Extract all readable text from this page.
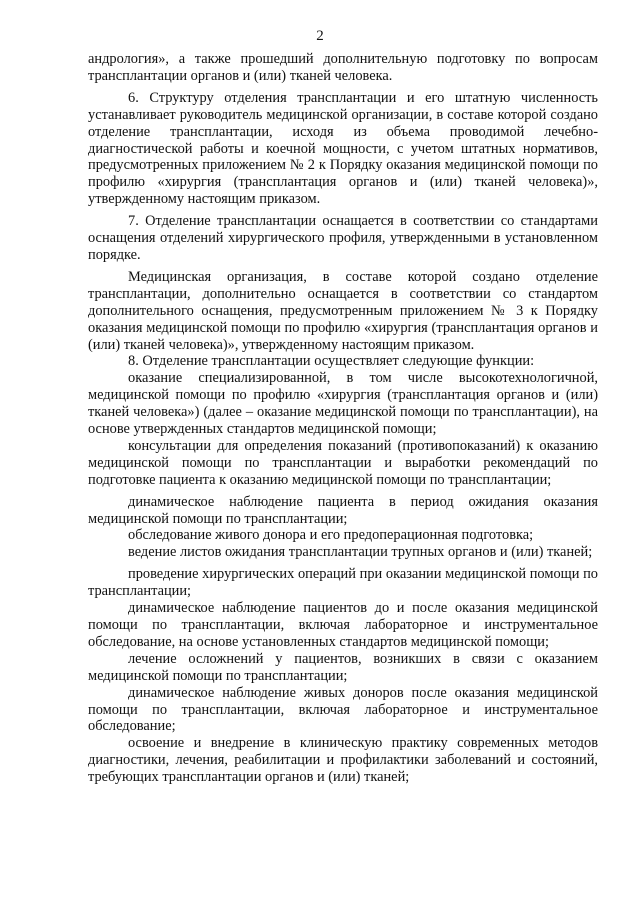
2

андрология», а также прошедший дополнительную подготовку по вопросам трансплантации органов и (или) тканей человека.

6. Структуру отделения трансплантации и его штатную численность устанавливает руководитель медицинской организации, в составе которой создано отделение трансплантации, исходя из объема проводимой лечебно-диагностической работы и коечной мощности, с учетом штатных нормативов, предусмотренных приложением № 2 к Порядку оказания медицинской помощи по профилю «хирургия (трансплантация органов и (или) тканей человека)», утвержденному настоящим приказом.

7. Отделение трансплантации оснащается в соответствии со стандартами оснащения отделений хирургического профиля, утвержденными в установленном порядке.

Медицинская организация, в составе которой создано отделение трансплантации, дополнительно оснащается в соответствии со стандартом дополнительного оснащения, предусмотренным приложением № 3 к Порядку оказания медицинской помощи по профилю «хирургия (трансплантация органов и (или) тканей человека)», утвержденному настоящим приказом.

8. Отделение трансплантации осуществляет следующие функции:

оказание специализированной, в том числе высокотехнологичной, медицинской помощи по профилю «хирургия (трансплантация органов и (или) тканей человека») (далее – оказание медицинской помощи по трансплантации), на основе утвержденных стандартов медицинской помощи;

консультации для определения показаний (противопоказаний) к оказанию медицинской помощи по трансплантации и выработки рекомендаций по подготовке пациента к оказанию медицинской помощи по трансплантации;

динамическое наблюдение пациента в период ожидания оказания медицинской помощи по трансплантации;

обследование живого донора и его предоперационная подготовка;

ведение листов ожидания трансплантации трупных органов и (или) тканей;

проведение хирургических операций при оказании медицинской помощи по трансплантации;

динамическое наблюдение пациентов до и после оказания медицинской помощи по трансплантации, включая лабораторное и инструментальное обследование, на основе установленных стандартов медицинской помощи;

лечение осложнений у пациентов, возникших в связи с оказанием медицинской помощи по трансплантации;

динамическое наблюдение живых доноров после оказания медицинской помощи по трансплантации, включая лабораторное и инструментальное обследование;

освоение и внедрение в клиническую практику современных методов диагностики, лечения, реабилитации и профилактики заболеваний и состояний, требующих трансплантации органов и (или) тканей;
